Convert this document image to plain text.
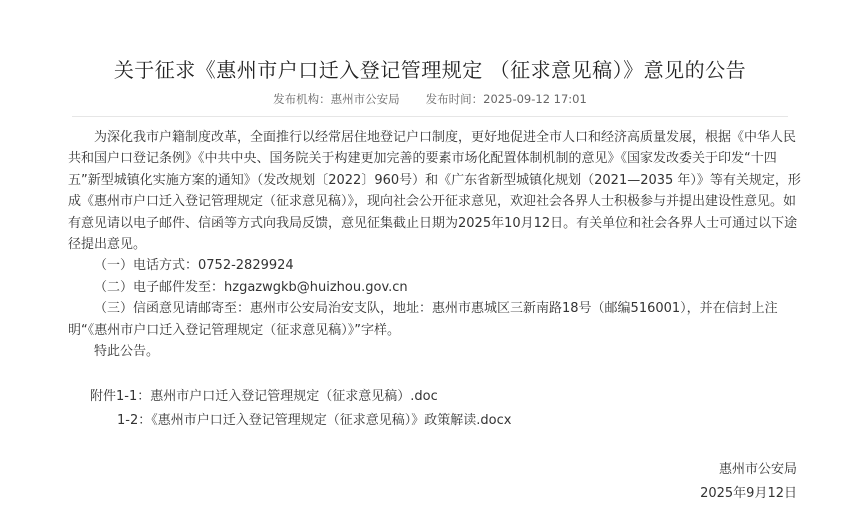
关于征求《惠州市户口迁入登记管理规定 （征求意见稿）》意见的公告
发布机构：惠州市公安局 发布时间：2025-09-12 17:01

为深化我市户籍制度改革，全面推行以经常居住地登记户口制度，更好地促进全市人口和经济高质量发展，根据《中华人民共和国户口登记条例》《中共中央、国务院关于构建更加完善的要素市场化配置体制机制的意见》《国家发改委关于印发“十四五”新型城镇化实施方案的通知》（发改规划〔2022〕960号）和《广东省新型城镇化规划（2021—2035 年）》等有关规定，形成《惠州市户口迁入登记管理规定（征求意见稿）》，现向社会公开征求意见，欢迎社会各界人士积极参与并提出建设性意见。如有意见请以电子邮件、信函等方式向我局反馈，意见征集截止日期为2025年10月12日。有关单位和社会各界人士可通过以下途径提出意见。

（一）电话方式：0752-2829924

（二）电子邮件发至：hzgazwgkb@huizhou.gov.cn

（三）信函意见请邮寄至：惠州市公安局治安支队，地址：惠州市惠城区三新南路18号（邮编516001），并在信封上注明“《惠州市户口迁入登记管理规定（征求意见稿）》”字样。

特此公告。

附件1-1：惠州市户口迁入登记管理规定（征求意见稿）.doc
1-2：《惠州市户口迁入登记管理规定（征求意见稿）》政策解读.docx
惠州市公安局
2025年9月12日
